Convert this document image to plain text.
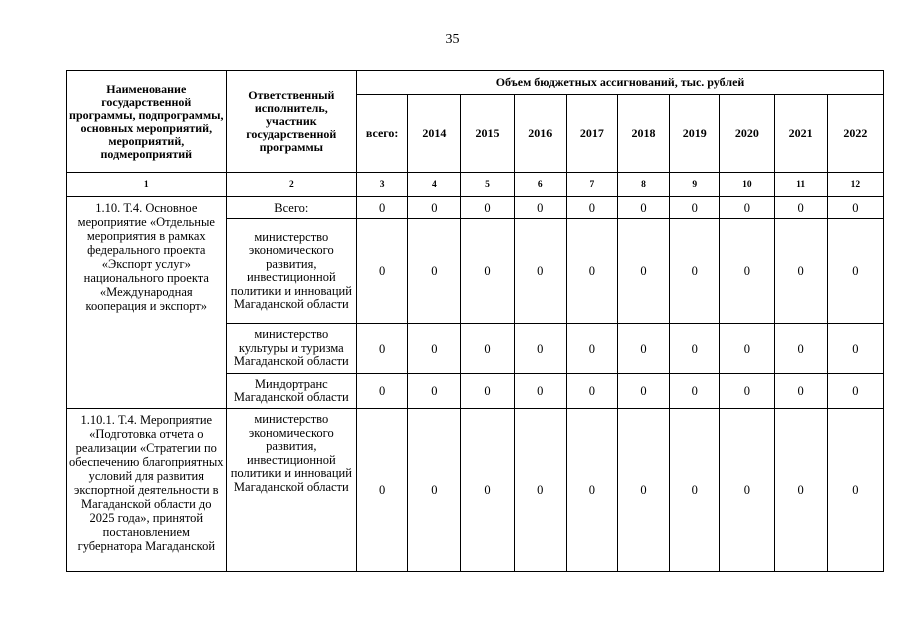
35
Наименование государственной программы, подпрограммы, основных мероприятий, мероприятий, подмероприятий	Ответственный исполнитель, участник государственной программы	Объем бюджетных ассигнований, тыс. рублей									
		всего:	2014	2015	2016	2017	2018	2019	2020	2021	2022
1	2	3	4	5	6	7	8	9	10	11	12
1.10. Т.4. Основное мероприятие «Отдельные мероприятия в рамках федерального проекта «Экспорт услуг» национального проекта «Международная кооперация и экспорт»	Всего:	0	0	0	0	0	0	0	0	0	0
	министерство экономического развития, инвестиционной политики и инноваций Магаданской области	0	0	0	0	0	0	0	0	0	0
	министерство культуры и туризма Магаданской области	0	0	0	0	0	0	0	0	0	0
	Миндортранс Магаданской области	0	0	0	0	0	0	0	0	0	0
1.10.1. Т.4. Мероприятие «Подготовка отчета о реализации «Стратегии по обеспечению благоприятных условий для развития экспортной деятельности в Магаданской области до 2025 года», принятой постановлением губернатора Магаданской	министерство экономического развития, инвестиционной политики и инноваций Магаданской области	0	0	0	0	0	0	0	0	0	0
